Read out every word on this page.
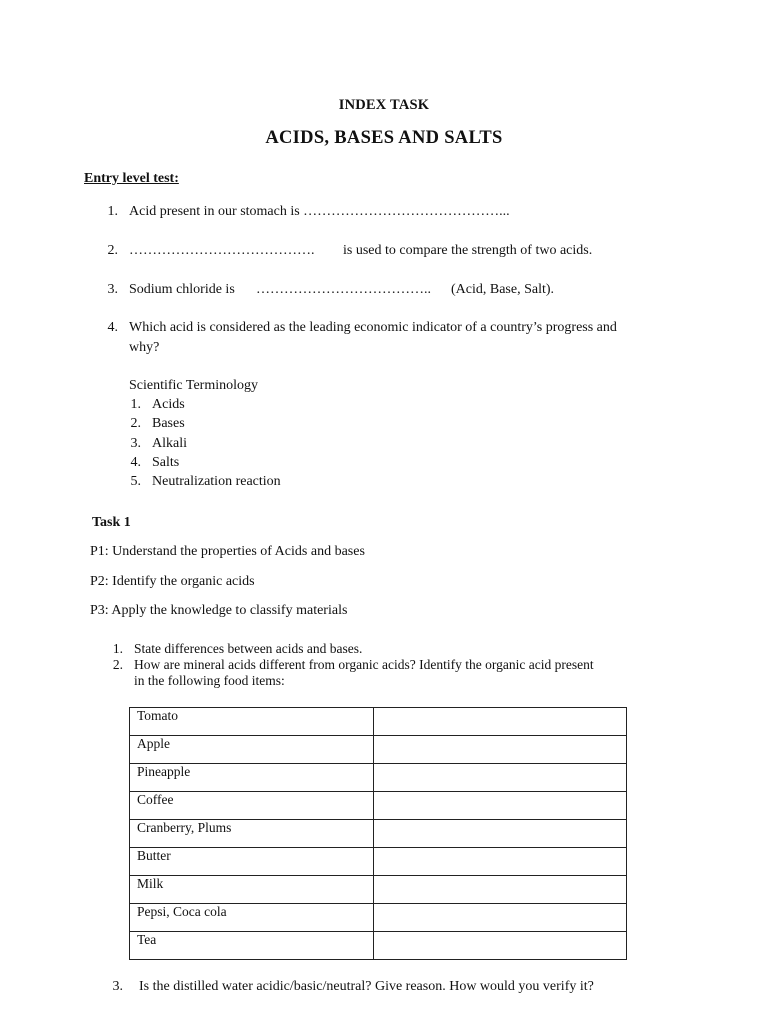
INDEX TASK
ACIDS, BASES AND SALTS
Entry level test:
1. Acid present in our stomach is ……………………………………...
2. …………………………………. is used to compare the strength of two acids.
3. Sodium chloride is ……………………………….. (Acid, Base, Salt).
4. Which acid is considered as the leading economic indicator of a country’s progress and
why?
Scientific Terminology
1. Acids
2. Bases
3. Alkali
4. Salts
5. Neutralization reaction
Task 1
P1: Understand the properties of Acids and bases
P2: Identify the organic acids
P3: Apply the knowledge to classify materials
1. State differences between acids and bases.
2. How are mineral acids different from organic acids? Identify the organic acid present
in the following food items:
Tomato	
Apple	
Pineapple	
Coffee	
Cranberry, Plums	
Butter	
Milk	
Pepsi, Coca cola	
Tea	
3. Is the distilled water acidic/basic/neutral? Give reason. How would you verify it?
